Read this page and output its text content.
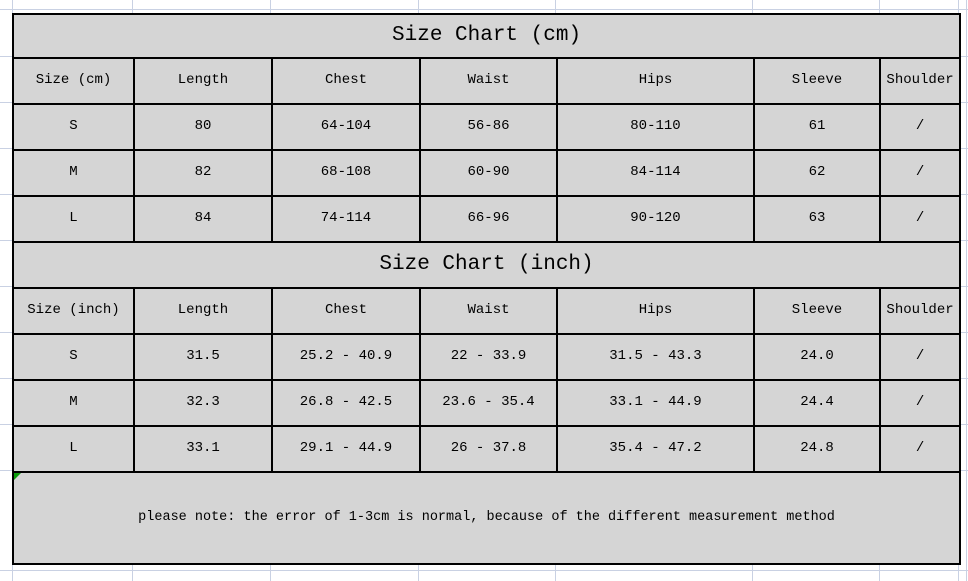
Size Chart (cm)						
Size (cm)	Length	Chest	Waist	Hips	Sleeve	Shoulder
S	80	64-104	56-86	80-110	61	/
M	82	68-108	60-90	84-114	62	/
L	84	74-114	66-96	90-120	63	/
Size Chart (inch)						
Size (inch)	Length	Chest	Waist	Hips	Sleeve	Shoulder
S	31.5	25.2 - 40.9	22 - 33.9	31.5 - 43.3	24.0	/
M	32.3	26.8 - 42.5	23.6 - 35.4	33.1 - 44.9	24.4	/
L	33.1	29.1 - 44.9	26 - 37.8	35.4 - 47.2	24.8	/
please note: the error of 1-3cm is normal, because of the different measurement method						
